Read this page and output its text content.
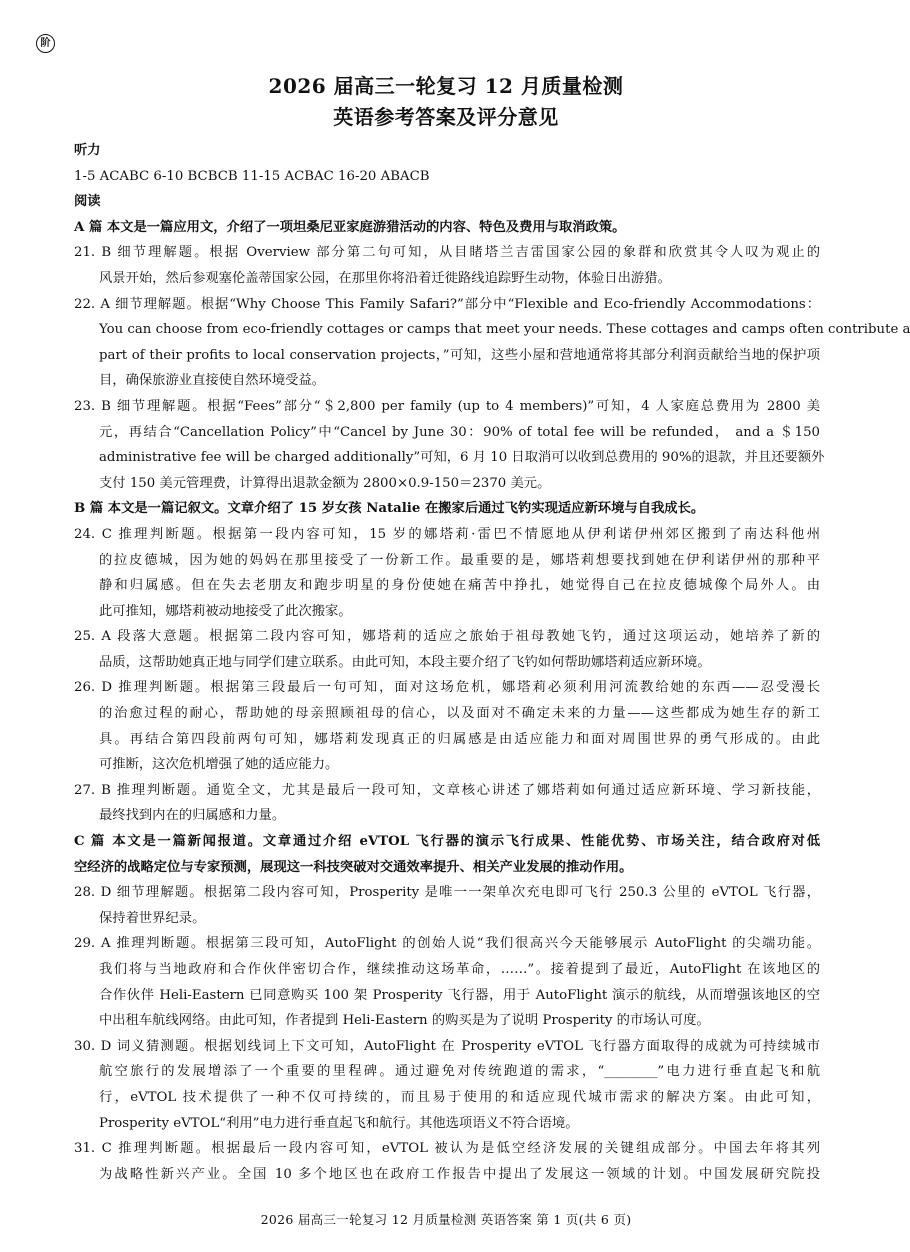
阶
2026 届高三一轮复习 12 月质量检测
英语参考答案及评分意见
听力
1-5 ACABC 6-10 BCBCB 11-15 ACBAC 16-20 ABACB
阅读
A 篇 本文是一篇应用文，介绍了一项坦桑尼亚家庭游猎活动的内容、特色及费用与取消政策。
21. B 细节理解题。根据 Overview 部分第二句可知，从目睹塔兰吉雷国家公园的象群和欣赏其令人叹为观止的
风景开始，然后参观塞伦盖蒂国家公园，在那里你将沿着迁徙路线追踪野生动物，体验日出游猎。
22. A 细节理解题。根据“Why Choose This Family Safari?”部分中“Flexible and Eco-friendly Accommodations：
You can choose from eco-friendly cottages or camps that meet your needs. These cottages and camps often contribute a
part of their profits to local conservation projects，”可知，这些小屋和营地通常将其部分利润贡献给当地的保护项
目，确保旅游业直接使自然环境受益。
23. B 细节理解题。根据“Fees”部分“＄2,800 per family (up to 4 members)”可知，4 人家庭总费用为 2800 美
元，再结合“Cancellation Policy”中“Cancel by June 30：90% of total fee will be refunded， and a ＄150
administrative fee will be charged additionally”可知，6 月 10 日取消可以收到总费用的 90%的退款，并且还要额外
支付 150 美元管理费，计算得出退款金额为 2800×0.9-150＝2370 美元。
B 篇 本文是一篇记叙文。文章介绍了 15 岁女孩 Natalie 在搬家后通过飞钓实现适应新环境与自我成长。
24. C 推理判断题。根据第一段内容可知，15 岁的娜塔莉·雷巴不情愿地从伊利诺伊州郊区搬到了南达科他州
的拉皮德城，因为她的妈妈在那里接受了一份新工作。最重要的是，娜塔莉想要找到她在伊利诺伊州的那种平
静和归属感。但在失去老朋友和跑步明星的身份使她在痛苦中挣扎，她觉得自己在拉皮德城像个局外人。由
此可推知，娜塔莉被动地接受了此次搬家。
25. A 段落大意题。根据第二段内容可知，娜塔莉的适应之旅始于祖母教她飞钓，通过这项运动，她培养了新的
品质，这帮助她真正地与同学们建立联系。由此可知，本段主要介绍了飞钓如何帮助娜塔莉适应新环境。
26. D 推理判断题。根据第三段最后一句可知，面对这场危机，娜塔莉必须利用河流教给她的东西——忍受漫长
的治愈过程的耐心，帮助她的母亲照顾祖母的信心，以及面对不确定未来的力量——这些都成为她生存的新工
具。再结合第四段前两句可知，娜塔莉发现真正的归属感是由适应能力和面对周围世界的勇气形成的。由此
可推断，这次危机增强了她的适应能力。
27. B 推理判断题。通览全文，尤其是最后一段可知，文章核心讲述了娜塔莉如何通过适应新环境、学习新技能，
最终找到内在的归属感和力量。
C 篇 本文是一篇新闻报道。文章通过介绍 eVTOL 飞行器的演示飞行成果、性能优势、市场关注，结合政府对低
空经济的战略定位与专家预测，展现这一科技突破对交通效率提升、相关产业发展的推动作用。
28. D 细节理解题。根据第二段内容可知，Prosperity 是唯一一架单次充电即可飞行 250.3 公里的 eVTOL 飞行器，
保持着世界纪录。
29. A 推理判断题。根据第三段可知，AutoFlight 的创始人说“我们很高兴今天能够展示 AutoFlight 的尖端功能。
我们将与当地政府和合作伙伴密切合作，继续推动这场革命，……”。接着提到了最近，AutoFlight 在该地区的
合作伙伴 Heli-Eastern 已同意购买 100 架 Prosperity 飞行器，用于 AutoFlight 演示的航线，从而增强该地区的空
中出租车航线网络。由此可知，作者提到 Heli-Eastern 的购买是为了说明 Prosperity 的市场认可度。
30. D 词义猜测题。根据划线词上下文可知，AutoFlight 在 Prosperity eVTOL 飞行器方面取得的成就为可持续城市
航空旅行的发展增添了一个重要的里程碑。通过避免对传统跑道的需求，“________”电力进行垂直起飞和航
行，eVTOL 技术提供了一种不仅可持续的，而且易于使用的和适应现代城市需求的解决方案。由此可知，
Prosperity eVTOL“利用”电力进行垂直起飞和航行。其他选项语义不符合语境。
31. C 推理判断题。根据最后一段内容可知，eVTOL 被认为是低空经济发展的关键组成部分。中国去年将其列
为战略性新兴产业。全国 10 多个地区也在政府工作报告中提出了发展这一领域的计划。中国发展研究院投
2026 届高三一轮复习 12 月质量检测 英语答案 第 1 页(共 6 页)
